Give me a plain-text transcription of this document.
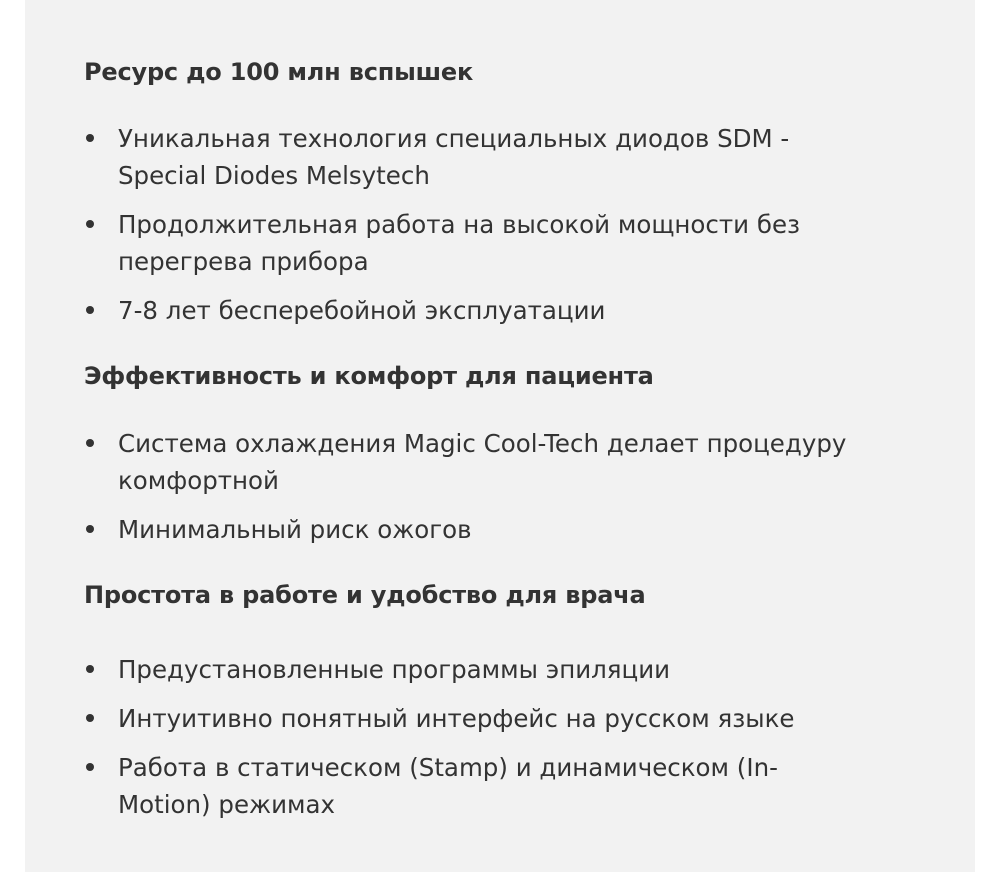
Ресурс до 100 млн вспышек
Уникальная технология специальных диодов SDM - Special Diodes Melsytech
Продолжительная работа на высокой мощности без перегрева прибора
7-8 лет бесперебойной эксплуатации
Эффективность и комфорт для пациента
Система охлаждения Magic Cool-Tech делает процедуру комфортной
Минимальный риск ожогов
Простота в работе и удобство для врача
Предустановленные программы эпиляции
Интуитивно понятный интерфейс на русском языке
Работа в статическом (Stamp) и динамическом (In-Motion) режимах
